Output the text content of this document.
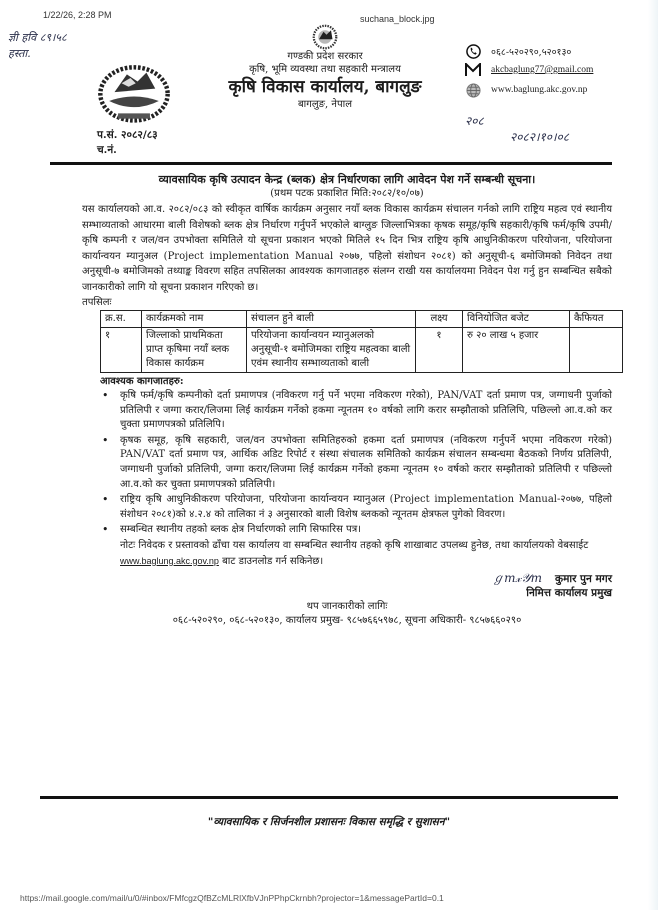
1/22/26, 2:28 PM	suchana_block.jpg
ज्ञी हवि ८९।५८
हस्ता.
प.सं. २०८२/८३
च.नं.
गण्डकी प्रदेश सरकार
कृषि, भूमि व्यवस्था तथा सहकारी मन्त्रालय
कृषि विकास कार्यालय, बागलुङ
बागलुङ, नेपाल
०६८-५२०२९०,५२०१३०
akcbaglung77@gmail.com
www.baglung.akc.gov.np
२०८
२०८२।१०।०८
व्यावसायिक कृषि उत्पादन केन्द्र (ब्लक) क्षेत्र निर्धारणका लागि आवेदन पेश गर्ने सम्बन्धी सूचना।
(प्रथम पटक प्रकाशित मिति:२०८२/१०/०७)
यस कार्यालयको आ.व. २०८२/०८३ को स्वीकृत वार्षिक कार्यक्रम अनुसार नयाँ ब्लक विकास कार्यक्रम संचालन गर्नको लागि राष्ट्रिय महत्व एवं स्थानीय सम्भाव्यताको आधारमा बाली विशेषको ब्लक क्षेत्र निर्धारण गर्नुपर्ने भएकोले बाग्लुङ जिल्लाभित्रका कृषक समूह/कृषि सहकारी/कृषि फर्म/कृषि उपमी/कृषि कम्पनी र जल/वन उपभोक्ता समितिले यो सूचना प्रकाशन भएको मितिले १५ दिन भित्र राष्ट्रिय कृषि आधुनिकीकरण परियोजना, परियोजना कार्यान्वयन म्यानुअल (Project implementation Manual २०७७, पहिलो संशोधन २०८१) को अनुसूची-६ बमोजिमको निवेदन तथा अनुसूची-७ बमोजिमको तथ्याङ्क विवरण सहित तपसिलका आवश्यक कागजातहरु संलग्न राखी यस कार्यालयमा निवेदन पेश गर्नु हुन सम्बन्धित सबैको जानकारीको लागि यो सूचना प्रकाशन गरिएको छ।
तपसिलः
क्र.स.	कार्यक्रमको नाम	संचालन हुने बाली	लक्ष्य	विनियोजित बजेट	कैफियत
१	जिल्लाको प्राथमिकता प्राप्त कृषिमा नयाँ ब्लक विकास कार्यक्रम	परियोजना कार्यान्वयन म्यानुअलको अनुसूची-१ बमोजिमका राष्ट्रिय महत्वका बाली एवंम स्थानीय सम्भाव्यताको बाली	१	रु २० लाख ५ हजार	
आवश्यक कागजातहरु:
• कृषि फर्म/कृषि कम्पनीको दर्ता प्रमाणपत्र (नविकरण गर्नु पर्ने भएमा नविकरण गरेको), PAN/VAT दर्ता प्रमाण पत्र, जग्गाधनी पुर्जाको प्रतिलिपी र जग्गा करार/लिजमा लिई कार्यक्रम गर्नेको हकमा न्यूनतम १० वर्षको लागि करार सम्झौताको प्रतिलिपि, पछिल्लो आ.व.को कर चुक्ता प्रमाणपत्रको प्रतिलिपि।
• कृषक समूह, कृषि सहकारी, जल/वन उपभोक्ता समितिहरुको हकमा दर्ता प्रमाणपत्र (नविकरण गर्नुपर्ने भएमा नविकरण गरेको) PAN/VAT दर्ता प्रमाण पत्र, आर्थिक अडिट रिपोर्ट र संस्था संचालक समितिको कार्यक्रम संचालन सम्बन्धमा बैठकको निर्णय प्रतिलिपी, जग्गाधनी पुर्जाको प्रतिलिपी, जग्गा करार/लिजमा लिई कार्यक्रम गर्नेको हकमा न्यूनतम १० वर्षको करार सम्झौताको प्रतिलिपी र पछिल्लो आ.व.को कर चुक्ता प्रमाणपत्रको प्रतिलिपी।
• राष्ट्रिय कृषि आधुनिकीकरण परियोजना, परियोजना कार्यान्वयन म्यानुअल (Project implementation Manual-२०७७, पहिलो संशोधन २०८१)को ४.२.४ को तालिका नं ३ अनुसारको बाली विशेष ब्लकको न्यूनतम क्षेत्रफल पुगेको विवरण।
• सम्बन्धित स्थानीय तहको ब्लक क्षेत्र निर्धारणको लागि सिफारिस पत्र।
नोटः निवेदक र प्रस्तावको ढाँचा यस कार्यालय वा सम्बन्धित स्थानीय तहको कृषि शाखाबाट उपलब्ध हुनेछ, तथा कार्यालयको वेबसाईट www.baglung.akc.gov.np बाट डाउनलोड गर्न सकिनेछ।
ℊm𝓍𝒴m कुमार पुन मगर
निमित्त कार्यालय प्रमुख
थप जानकारीको लागिः
०६८-५२०२९०, ०६८-५२०१३०, कार्यालय प्रमुख- ९८५७६६५९७८, सूचना अधिकारी- ९८५७६६०२९०
"व्यावसायिक र सिर्जनशील प्रशासनः विकास समृद्धि र सुशासन"
https://mail.google.com/mail/u/0/#inbox/FMfcgzQfBZcMLRlXfbVJnPPhpCkrnbh?projector=1&messagePartId=0.1
